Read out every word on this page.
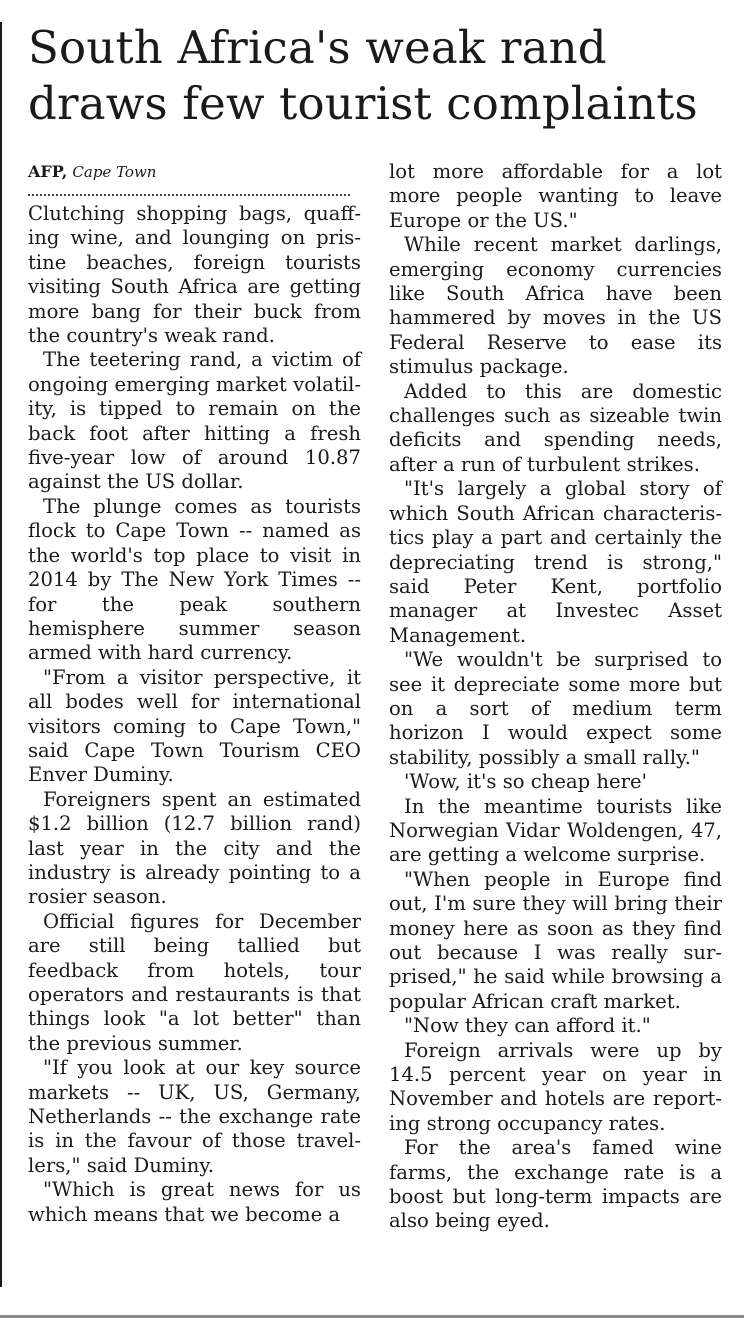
South Africa's weak rand
draws few tourist complaints
AFP, Cape Town

Clutching shopping bags, quaffing wine, and lounging on pristine beaches, foreign tourists visiting South Africa are getting more bang for their buck from the country's weak rand.

The teetering rand, a victim of ongoing emerging market volatility, is tipped to remain on the back foot after hitting a fresh five-year low of around 10.87 against the US dollar.

The plunge comes as tourists flock to Cape Town -- named as the world's top place to visit in 2014 by The New York Times -- for the peak southern hemisphere summer season armed with hard currency.

"From a visitor perspective, it all bodes well for international visitors coming to Cape Town," said Cape Town Tourism CEO Enver Duminy.

Foreigners spent an estimated $1.2 billion (12.7 billion rand) last year in the city and the industry is already pointing to a rosier season.

Official figures for December are still being tallied but feedback from hotels, tour operators and restaurants is that things look "a lot better" than the previous summer.

"If you look at our key source markets -- UK, US, Germany, Netherlands -- the exchange rate is in the favour of those travellers," said Duminy.

"Which is great news for us which means that we become a

lot more affordable for a lot more people wanting to leave Europe or the US."

While recent market darlings, emerging economy currencies like South Africa have been hammered by moves in the US Federal Reserve to ease its stimulus package.

Added to this are domestic challenges such as sizeable twin deficits and spending needs, after a run of turbulent strikes.

"It's largely a global story of which South African characteristics play a part and certainly the depreciating trend is strong," said Peter Kent, portfolio manager at Investec Asset Management.

"We wouldn't be surprised to see it depreciate some more but on a sort of medium term horizon I would expect some stability, possibly a small rally."

'Wow, it's so cheap here'

In the meantime tourists like Norwegian Vidar Woldengen, 47, are getting a welcome surprise.

"When people in Europe find out, I'm sure they will bring their money here as soon as they find out because I was really surprised," he said while browsing a popular African craft market.

"Now they can afford it."

Foreign arrivals were up by 14.5 percent year on year in November and hotels are reporting strong occupancy rates.

For the area's famed wine farms, the exchange rate is a boost but long-term impacts are also being eyed.
